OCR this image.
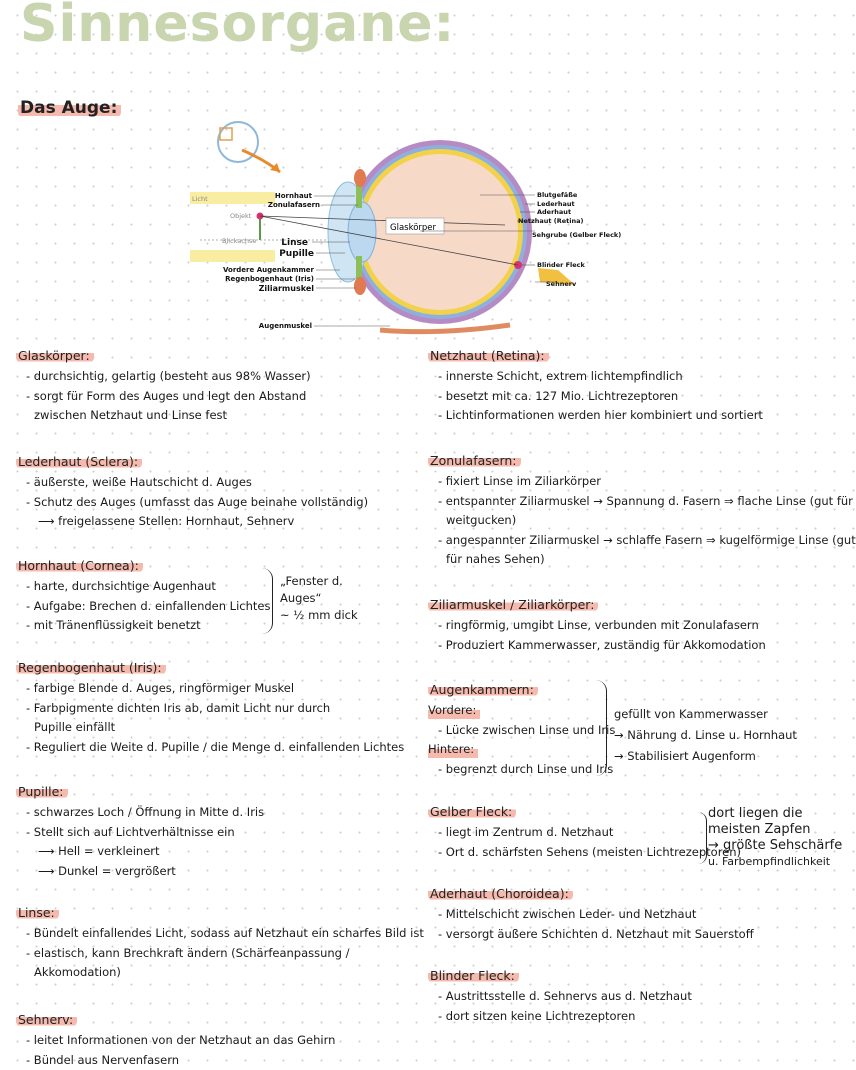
Sinnesorgane:
Das Auge:
Glaskörper
Licht
Objekt
Blickachse
Hornhaut
Zonulafasern
Linse
Pupille
Vordere Augenkammer
Regenbogenhaut (Iris)
Ziliarmuskel
Augenmuskel
Blutgefäße
Lederhaut
Aderhaut
Netzhaut (Retina)
Sehgrube (Gelber Fleck)
Blinder Fleck
Sehnerv
Glaskörper:
- durchsichtig, gelartig (besteht aus 98% Wasser)
- sorgt für Form des Auges und legt den Abstand
zwischen Netzhaut und Linse fest
Lederhaut (Sclera):
- äußerste, weiße Hautschicht d. Auges
- Schutz des Auges (umfasst das Auge beinahe vollständig)
⟶ freigelassene Stellen: Hornhaut, Sehnerv
Hornhaut (Cornea):
- harte, durchsichtige Augenhaut
- Aufgabe: Brechen d. einfallenden Lichtes
- mit Tränenflüssigkeit benetzt
Regenbogenhaut (Iris):
- farbige Blende d. Auges, ringförmiger Muskel
- Farbpigmente dichten Iris ab, damit Licht nur durch
Pupille einfällt
- Reguliert die Weite d. Pupille / die Menge d. einfallenden Lichtes
Pupille:
- schwarzes Loch / Öffnung in Mitte d. Iris
- Stellt sich auf Lichtverhältnisse ein
⟶ Hell = verkleinert
⟶ Dunkel = vergrößert
Linse:
- Bündelt einfallendes Licht, sodass auf Netzhaut ein scharfes Bild ist
- elastisch, kann Brechkraft ändern (Schärfeanpassung /
Akkomodation)
Sehnerv:
- leitet Informationen von der Netzhaut an das Gehirn
- Bündel aus Nervenfasern
Netzhaut (Retina):
- innerste Schicht, extrem lichtempfindlich
- besetzt mit ca. 127 Mio. Lichtrezeptoren
- Lichtinformationen werden hier kombiniert und sortiert
Zonulafasern:
- fixiert Linse im Ziliarkörper
- entspannter Ziliarmuskel → Spannung d. Fasern ⇒ flache Linse (gut für
weitgucken)
- angespannter Ziliarmuskel → schlaffe Fasern ⇒ kugelförmige Linse (gut
für nahes Sehen)
Ziliarmuskel / Ziliarkörper:
- ringförmig, umgibt Linse, verbunden mit Zonulafasern
- Produziert Kammerwasser, zuständig für Akkomodation
Augenkammern:
Vordere:
- Lücke zwischen Linse und Iris
Hintere:
- begrenzt durch Linse und Iris
Gelber Fleck:
- liegt im Zentrum d. Netzhaut
- Ort d. schärfsten Sehens (meisten Lichtrezeptoren)
Aderhaut (Choroidea):
- Mittelschicht zwischen Leder- und Netzhaut
- versorgt äußere Schichten d. Netzhaut mit Sauerstoff
Blinder Fleck:
- Austrittsstelle d. Sehnervs aus d. Netzhaut
- dort sitzen keine Lichtrezeptoren
„Fenster d.
Auges“
~ ½ mm dick
gefüllt von Kammerwasser
→ Nährung d. Linse u. Hornhaut
→ Stabilisiert Augenform
dort liegen die
meisten Zapfen
→ größte Sehschärfe
u. Farbempfindlichkeit
